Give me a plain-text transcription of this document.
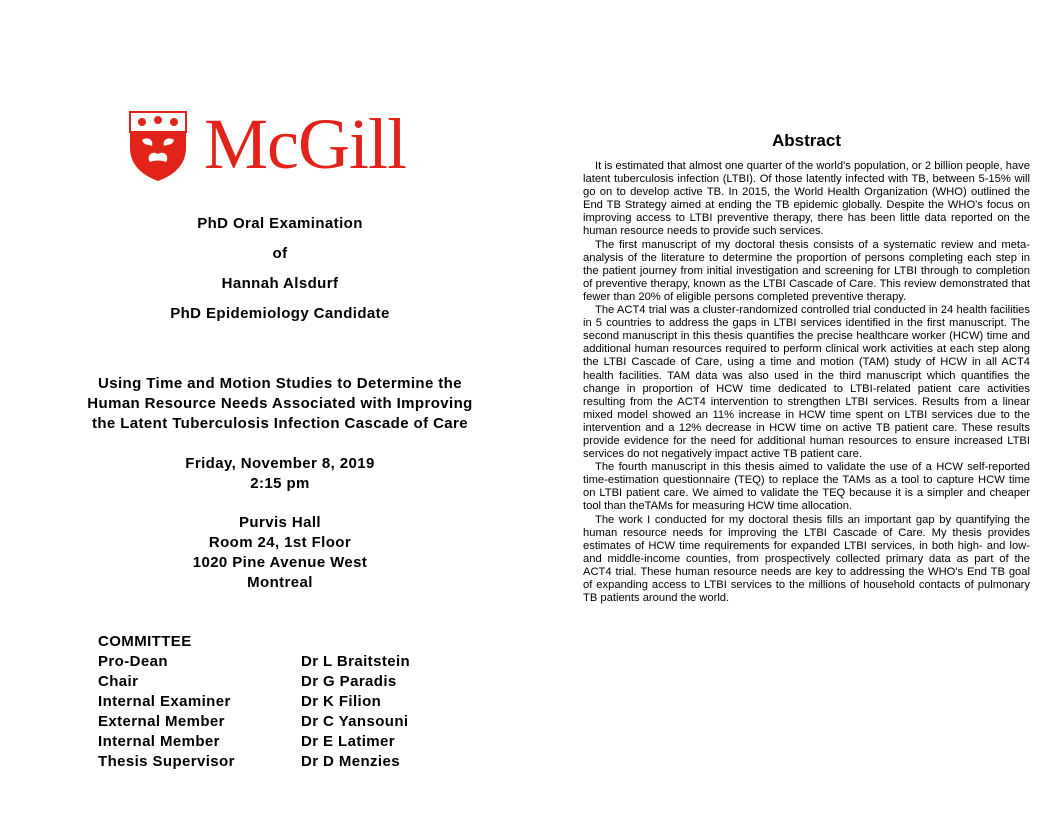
McGill
PhD Oral Examination
of
Hannah Alsdurf
PhD Epidemiology Candidate
Using Time and Motion Studies to Determine the
Human Resource Needs Associated with Improving
the Latent Tuberculosis Infection Cascade of Care
Friday, November 8, 2019
2:15 pm
Purvis Hall
Room 24, 1st Floor
1020 Pine Avenue West
Montreal
COMMITTEE
Pro-Dean	Dr L Braitstein
Chair	Dr G Paradis
Internal Examiner	Dr K Filion
External Member	Dr C Yansouni
Internal Member	Dr E Latimer
Thesis Supervisor	Dr D Menzies
Abstract

It is estimated that almost one quarter of the world's population, or 2 billion people, have latent tuberculosis infection (LTBI). Of those latently infected with TB, between 5-15% will go on to develop active TB. In 2015, the World Health Organization (WHO) outlined the End TB Strategy aimed at ending the TB epidemic globally. Despite the WHO's focus on improving access to LTBI preventive therapy, there has been little data reported on the human resource needs to provide such services.

The first manuscript of my doctoral thesis consists of a systematic review and meta-analysis of the literature to determine the proportion of persons completing each step in the patient journey from initial investigation and screening for LTBI through to completion of preventive therapy, known as the LTBI Cascade of Care. This review demonstrated that fewer than 20% of eligible persons completed preventive therapy.

The ACT4 trial was a cluster-randomized controlled trial conducted in 24 health facilities in 5 countries to address the gaps in LTBI services identified in the first manuscript. The second manuscript in this thesis quantifies the precise healthcare worker (HCW) time and additional human resources required to perform clinical work activities at each step along the LTBI Cascade of Care, using a time and motion (TAM) study of HCW in all ACT4 health facilities. TAM data was also used in the third manuscript which quantifies the change in proportion of HCW time dedicated to LTBI-related patient care activities resulting from the ACT4 intervention to strengthen LTBI services. Results from a linear mixed model showed an 11% increase in HCW time spent on LTBI services due to the intervention and a 12% decrease in HCW time on active TB patient care. These results provide evidence for the need for additional human resources to ensure increased LTBI services do not negatively impact active TB patient care.

The fourth manuscript in this thesis aimed to validate the use of a HCW self-reported time-estimation questionnaire (TEQ) to replace the TAMs as a tool to capture HCW time on LTBI patient care. We aimed to validate the TEQ because it is a simpler and cheaper tool than theTAMs for measuring HCW time allocation.

The work I conducted for my doctoral thesis fills an important gap by quantifying the human resource needs for improving the LTBI Cascade of Care. My thesis provides estimates of HCW time requirements for expanded LTBI services, in both high- and low-and middle-income counties, from prospectively collected primary data as part of the ACT4 trial. These human resource needs are key to addressing the WHO's End TB goal of expanding access to LTBI services to the millions of household contacts of pulmonary TB patients around the world.
